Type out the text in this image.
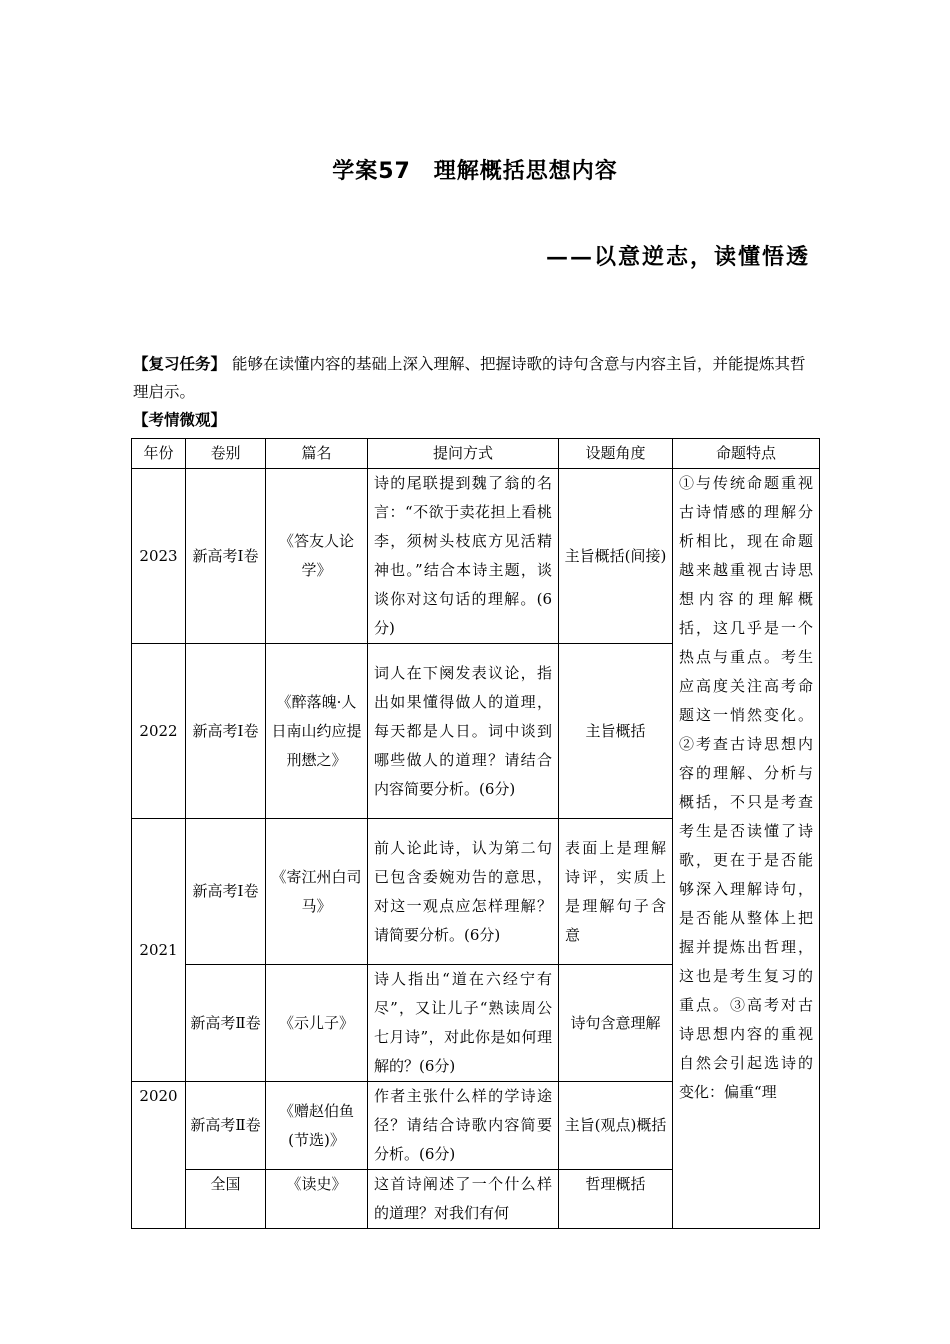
学案57　理解概括思想内容
——以意逆志，读懂悟透
【复习任务】 能够在读懂内容的基础上深入理解、把握诗歌的诗句含意与内容主旨，并能提炼其哲理启示。
【考情微观】
年份	卷别	篇名	提问方式	设题角度	命题特点
2023	新高考Ⅰ卷	《答友人论学》	诗的尾联提到魏了翁的名言：“不欲于卖花担上看桃李，须树头枝底方见活精神也。”结合本诗主题，谈谈你对这句话的理解。(6分)	主旨概括(间接)	①与传统命题重视古诗情感的理解分析相比，现在命题越来越重视古诗思想内容的理解概括，这几乎是一个热点与重点。考生应高度关注高考命题这一悄然变化。②考查古诗思想内容的理解、分析与概括，不只是考查考生是否读懂了诗歌，更在于是否能够深入理解诗句，是否能从整体上把握并提炼出哲理，这也是考生复习的重点。③高考对古诗思想内容的重视自然会引起选诗的变化：偏重“理
2022	新高考Ⅰ卷	《醉落魄·人日南山约应提刑懋之》	词人在下阕发表议论，指出如果懂得做人的道理，每天都是人日。词中谈到哪些做人的道理？请结合内容简要分析。(6分)	主旨概括	
2021	新高考Ⅰ卷	《寄江州白司马》	前人论此诗，认为第二句已包含委婉劝告的意思，对这一观点应怎样理解？请简要分析。(6分)	表面上是理解诗评，实质上是理解句子含意	
	新高考Ⅱ卷	《示儿子》	诗人指出“道在六经宁有尽”，又让儿子“熟读周公七月诗”，对此你是如何理解的？(6分)	诗句含意理解	
2020	新高考Ⅱ卷	《赠赵伯鱼(节选)》	作者主张什么样的学诗途径？请结合诗歌内容简要分析。(6分)	主旨(观点)概括	
	全国	《读史》	这首诗阐述了一个什么样的道理？对我们有何	哲理概括	
